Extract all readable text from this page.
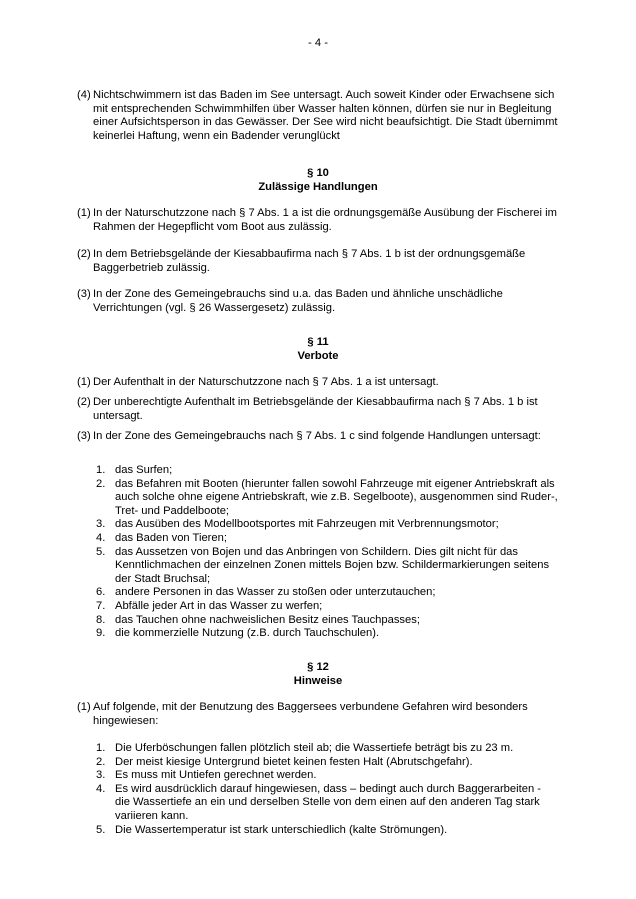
- 4 -
(4) Nichtschwimmern ist das Baden im See untersagt. Auch soweit Kinder oder Erwachsene sich mit entsprechenden Schwimmhilfen über Wasser halten können, dürfen sie nur in Begleitung einer Aufsichtsperson in das Gewässer. Der See wird nicht beaufsichtigt. Die Stadt übernimmt keinerlei Haftung, wenn ein Badender verunglückt
§ 10
Zulässige Handlungen
(1) In der Naturschutzzone nach § 7 Abs. 1 a ist die ordnungsgemäße Ausübung der Fischerei im Rahmen der Hegepflicht vom Boot aus zulässig.
(2) In dem Betriebsgelände der Kiesabbaufirma nach § 7 Abs. 1 b ist der ordnungsgemäße Baggerbetrieb zulässig.
(3) In der Zone des Gemeingebrauchs sind u.a. das Baden und ähnliche unschädliche Verrichtungen (vgl. § 26 Wassergesetz) zulässig.
§ 11
Verbote
(1) Der Aufenthalt in der Naturschutzzone nach § 7 Abs. 1 a ist untersagt.
(2) Der unberechtigte Aufenthalt im Betriebsgelände der Kiesabbaufirma nach § 7 Abs. 1 b ist untersagt.
(3) In der Zone des Gemeingebrauchs nach § 7 Abs. 1 c sind folgende Handlungen untersagt:
1. das Surfen;
2. das Befahren mit Booten (hierunter fallen sowohl Fahrzeuge mit eigener Antriebskraft als auch solche ohne eigene Antriebskraft, wie z.B. Segelboote), ausgenommen sind Ruder-, Tret- und Paddelboote;
3. das Ausüben des Modellbootsportes mit Fahrzeugen mit Verbrennungsmotor;
4. das Baden von Tieren;
5. das Aussetzen von Bojen und das Anbringen von Schildern. Dies gilt nicht für das Kenntlichmachen der einzelnen Zonen mittels Bojen bzw. Schildermarkierungen seitens der Stadt Bruchsal;
6. andere Personen in das Wasser zu stoßen oder unterzutauchen;
7. Abfälle jeder Art in das Wasser zu werfen;
8. das Tauchen ohne nachweislichen Besitz eines Tauchpasses;
9. die kommerzielle Nutzung (z.B. durch Tauchschulen).
§ 12
Hinweise
(1) Auf folgende, mit der Benutzung des Baggersees verbundene Gefahren wird besonders hingewiesen:
1. Die Uferböschungen fallen plötzlich steil ab; die Wassertiefe beträgt bis zu 23 m.
2. Der meist kiesige Untergrund bietet keinen festen Halt (Abrutschgefahr).
3. Es muss mit Untiefen gerechnet werden.
4. Es wird ausdrücklich darauf hingewiesen, dass – bedingt auch durch Baggerarbeiten - die Wassertiefe an ein und derselben Stelle von dem einen auf den anderen Tag stark variieren kann.
5. Die Wassertemperatur ist stark unterschiedlich (kalte Strömungen).
